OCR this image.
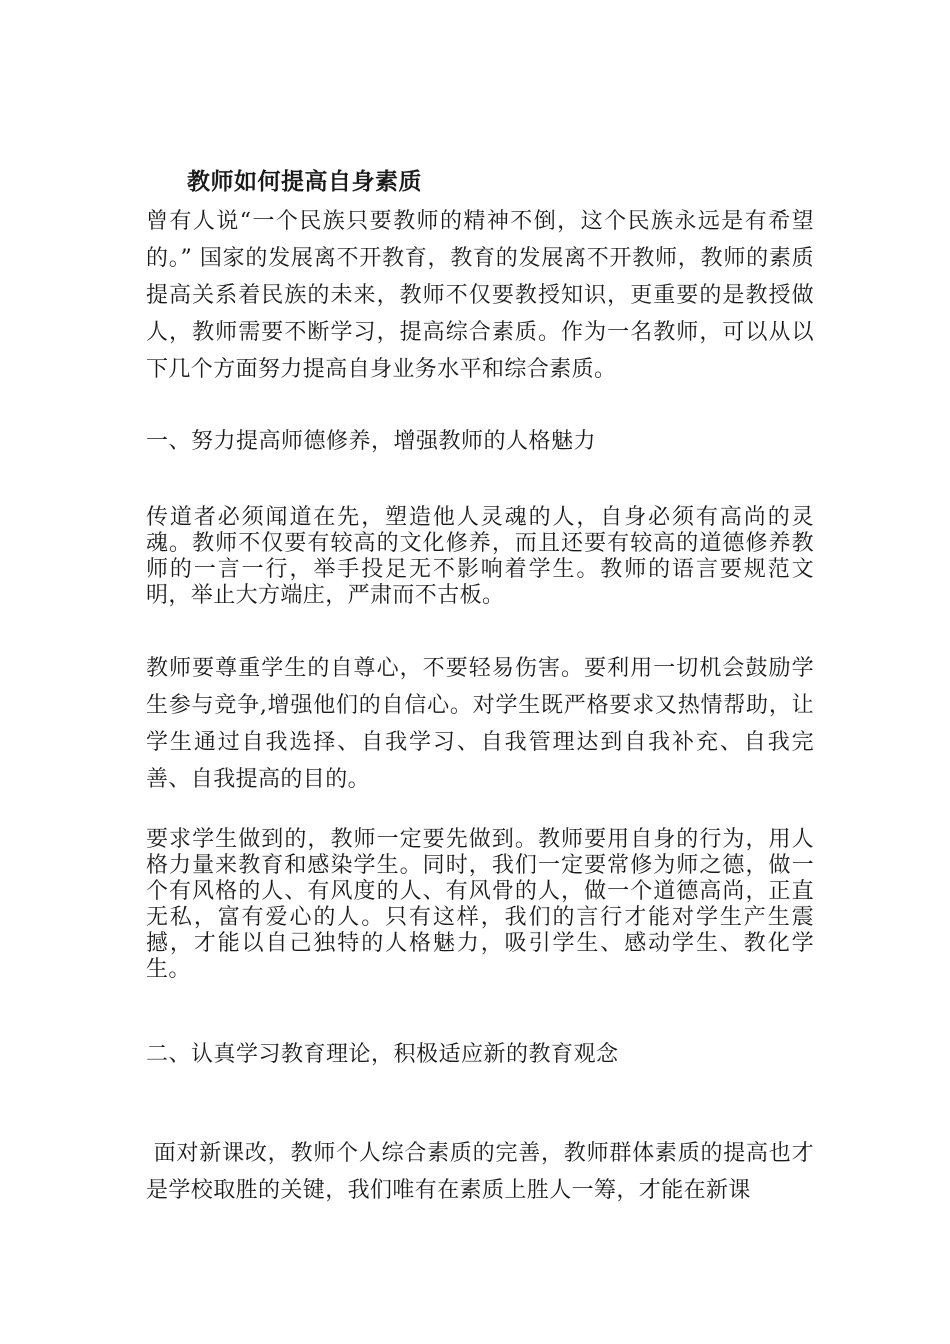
教师如何提高自身素质

曾有人说“一个民族只要教师的精神不倒，这个民族永远是有希望的。” 国家的发展离不开教育，教育的发展离不开教师，教师的素质提高关系着民族的未来，教师不仅要教授知识，更重要的是教授做人，教师需要不断学习，提高综合素质。作为一名教师，可以从以下几个方面努力提高自身业务水平和综合素质。

一、努力提高师德修养，增强教师的人格魅力

传道者必须闻道在先，塑造他人灵魂的人，自身必须有高尚的灵魂。教师不仅要有较高的文化修养，而且还要有较高的道德修养教师的一言一行，举手投足无不影响着学生。教师的语言要规范文明，举止大方端庄，严肃而不古板。

教师要尊重学生的自尊心，不要轻易伤害。要利用一切机会鼓励学生参与竞争,增强他们的自信心。对学生既严格要求又热情帮助，让学生通过自我选择、自我学习、自我管理达到自我补充、自我完善、自我提高的目的。

要求学生做到的，教师一定要先做到。教师要用自身的行为，用人格力量来教育和感染学生。同时，我们一定要常修为师之德，做一个有风格的人、有风度的人、有风骨的人，做一个道德高尚，正直无私，富有爱心的人。只有这样，我们的言行才能对学生产生震撼，才能以自己独特的人格魅力，吸引学生、感动学生、教化学生。

二、认真学习教育理论，积极适应新的教育观念

面对新课改，教师个人综合素质的完善，教师群体素质的提高也才是学校取胜的关键，我们唯有在素质上胜人一筹，才能在新课
